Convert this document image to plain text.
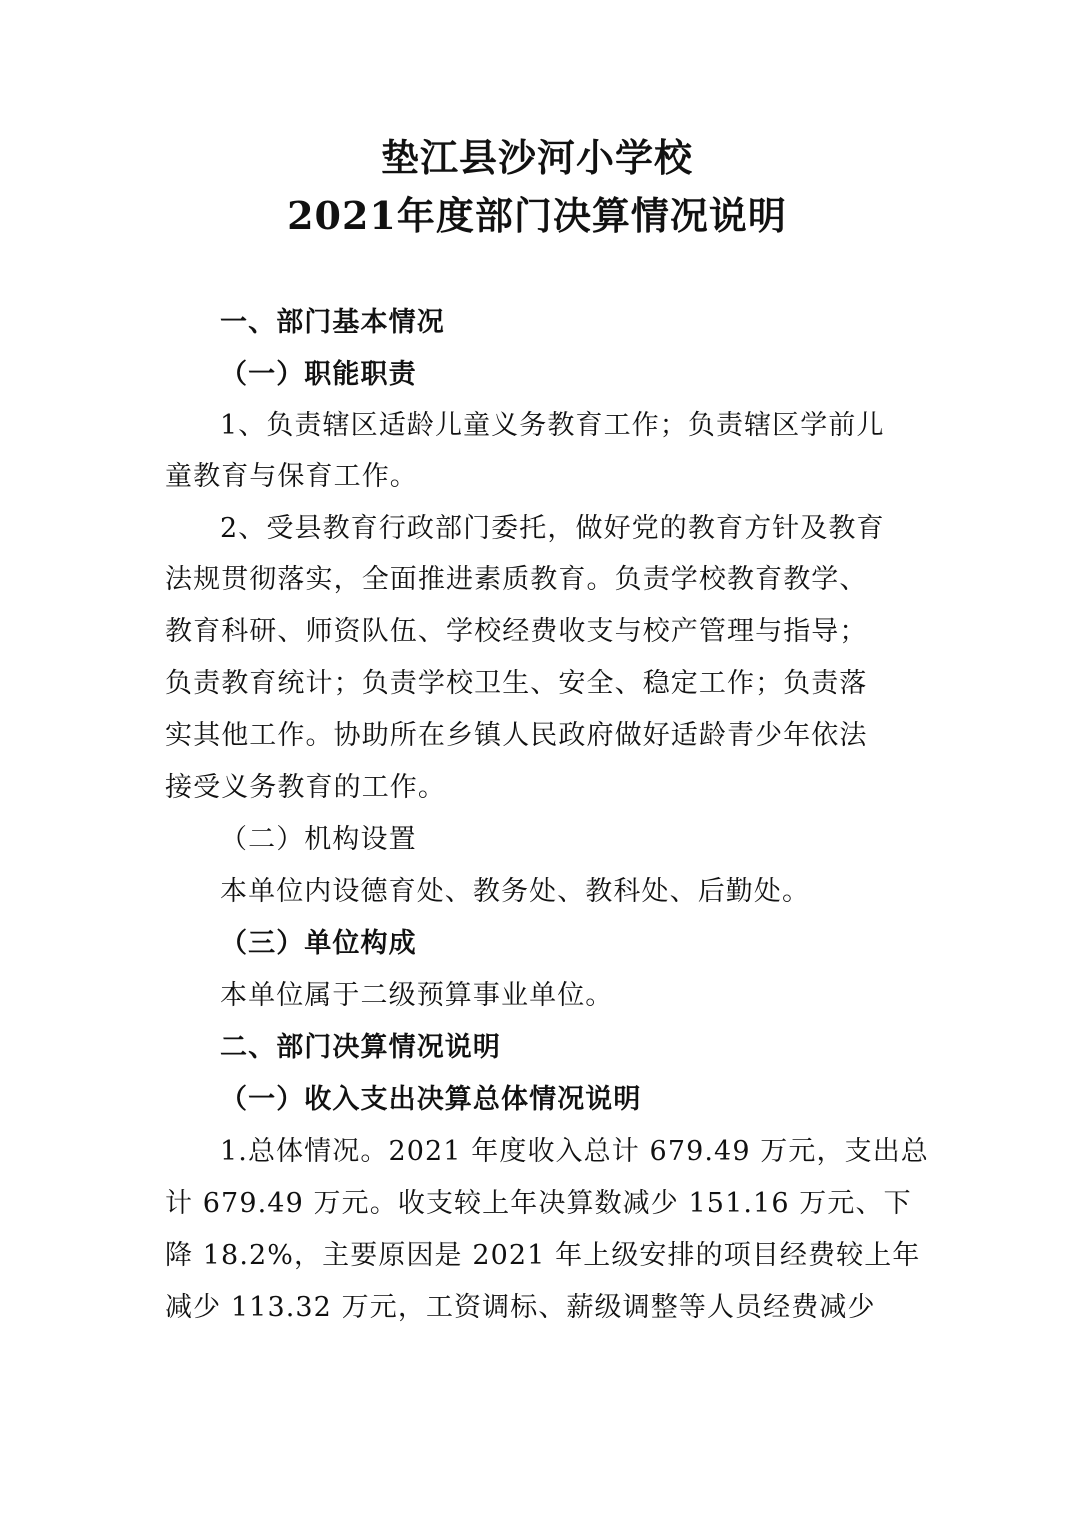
垫江县沙河小学校
2021年度部门决算情况说明
一、部门基本情况
（一）职能职责
1、负责辖区适龄儿童义务教育工作；负责辖区学前儿
童教育与保育工作。
2、受县教育行政部门委托，做好党的教育方针及教育
法规贯彻落实，全面推进素质教育。负责学校教育教学、
教育科研、师资队伍、学校经费收支与校产管理与指导；
负责教育统计；负责学校卫生、安全、稳定工作；负责落
实其他工作。协助所在乡镇人民政府做好适龄青少年依法
接受义务教育的工作。
（二）机构设置
本单位内设德育处、教务处、教科处、后勤处。
（三）单位构成
本单位属于二级预算事业单位。
二、部门决算情况说明
（一）收入支出决算总体情况说明
1.总体情况。2021 年度收入总计 679.49 万元，支出总
计 679.49 万元。收支较上年决算数减少 151.16 万元、下
降 18.2%，主要原因是 2021 年上级安排的项目经费较上年
减少 113.32 万元，工资调标、薪级调整等人员经费减少
